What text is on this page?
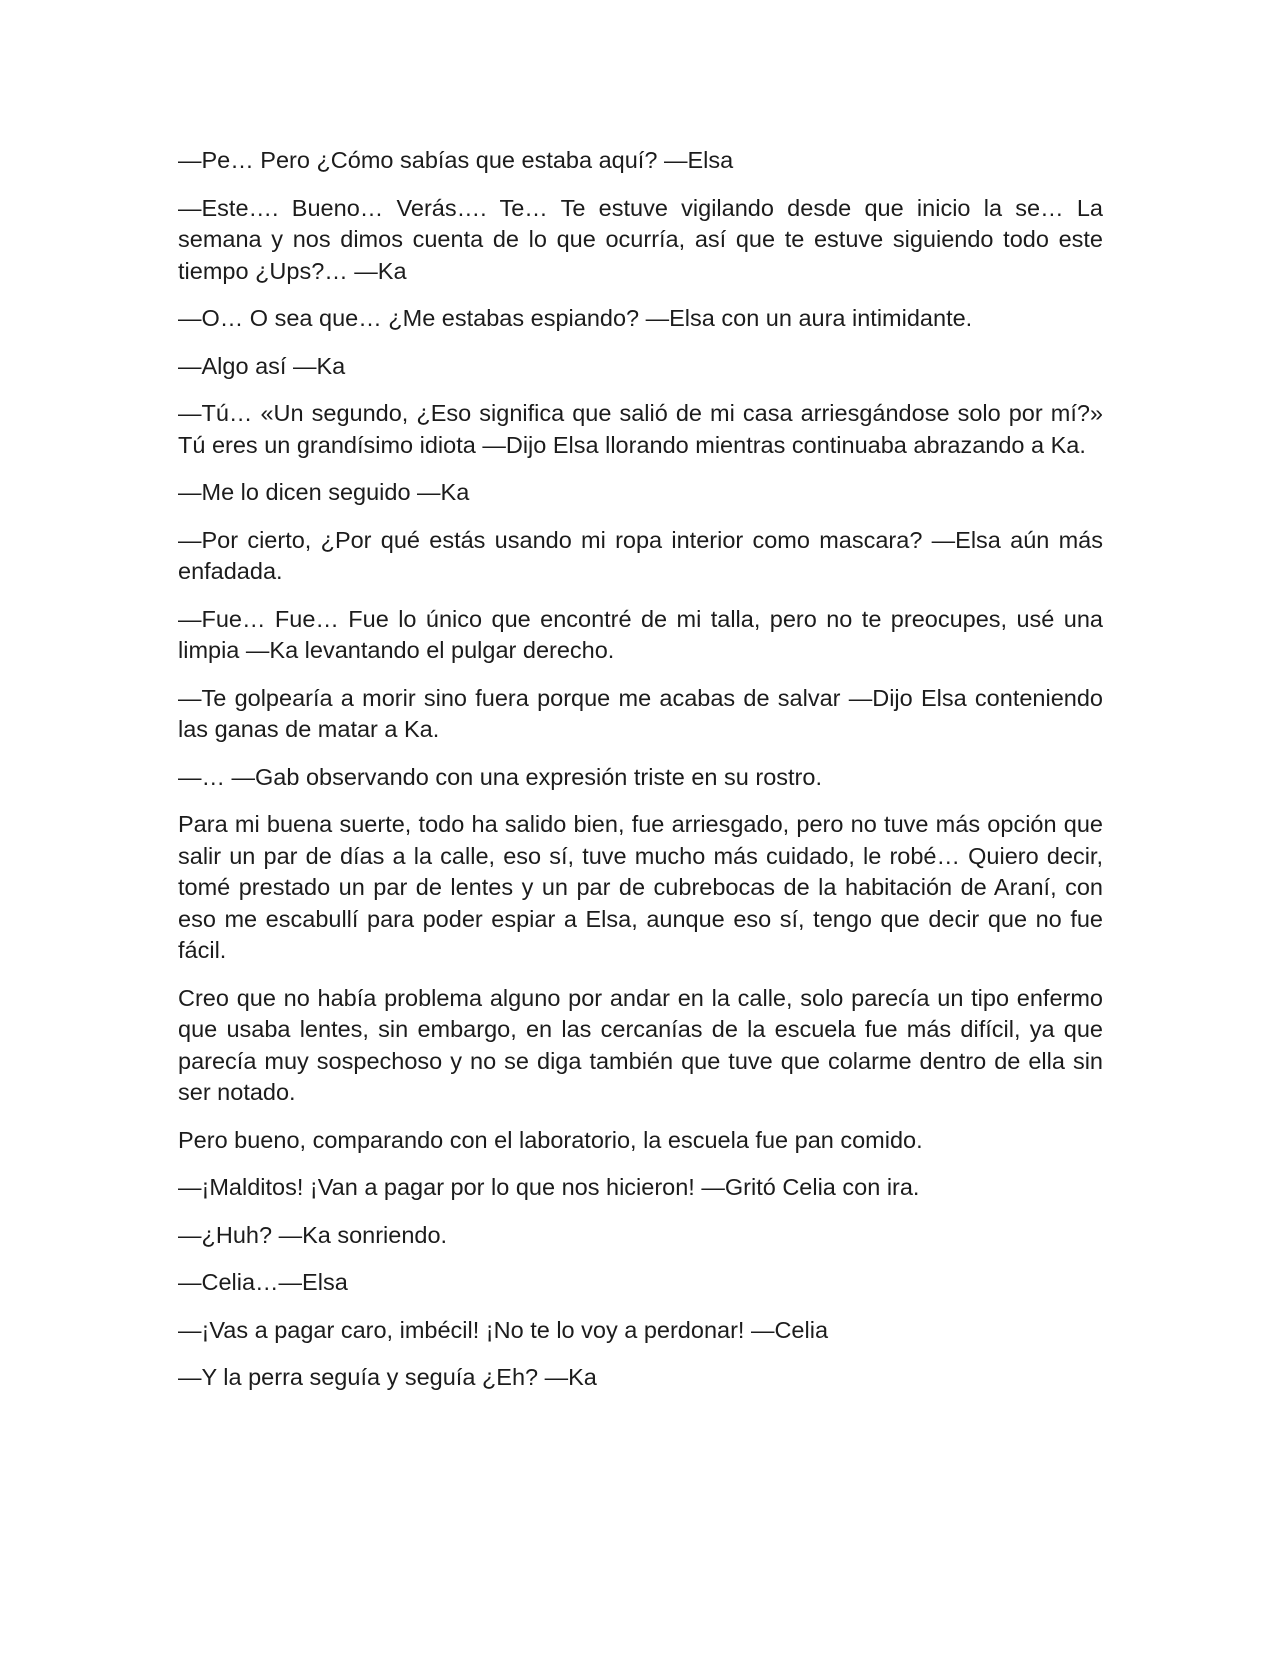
—Pe… Pero ¿Cómo sabías que estaba aquí? —Elsa

—Este…. Bueno… Verás…. Te… Te estuve vigilando desde que inicio la se… La semana y nos dimos cuenta de lo que ocurría, así que te estuve siguiendo todo este tiempo ¿Ups?… —Ka

—O… O sea que… ¿Me estabas espiando? —Elsa con un aura intimidante.

—Algo así —Ka

—Tú… «Un segundo, ¿Eso significa que salió de mi casa arriesgándose solo por mí?» Tú eres un grandísimo idiota —Dijo Elsa llorando mientras continuaba abrazando a Ka.

—Me lo dicen seguido —Ka

—Por cierto, ¿Por qué estás usando mi ropa interior como mascara? —Elsa aún más enfadada.

—Fue… Fue… Fue lo único que encontré de mi talla, pero no te preocupes, usé una limpia —Ka levantando el pulgar derecho.

—Te golpearía a morir sino fuera porque me acabas de salvar —Dijo Elsa conteniendo las ganas de matar a Ka.

—… —Gab observando con una expresión triste en su rostro.

Para mi buena suerte, todo ha salido bien, fue arriesgado, pero no tuve más opción que salir un par de días a la calle, eso sí, tuve mucho más cuidado, le robé… Quiero decir, tomé prestado un par de lentes y un par de cubrebocas de la habitación de Araní, con eso me escabullí para poder espiar a Elsa, aunque eso sí, tengo que decir que no fue fácil.

Creo que no había problema alguno por andar en la calle, solo parecía un tipo enfermo que usaba lentes, sin embargo, en las cercanías de la escuela fue más difícil, ya que parecía muy sospechoso y no se diga también que tuve que colarme dentro de ella sin ser notado.

Pero bueno, comparando con el laboratorio, la escuela fue pan comido.

—¡Malditos! ¡Van a pagar por lo que nos hicieron! —Gritó Celia con ira.

—¿Huh? —Ka sonriendo.

—Celia…—Elsa

—¡Vas a pagar caro, imbécil! ¡No te lo voy a perdonar! —Celia

—Y la perra seguía y seguía ¿Eh? —Ka
